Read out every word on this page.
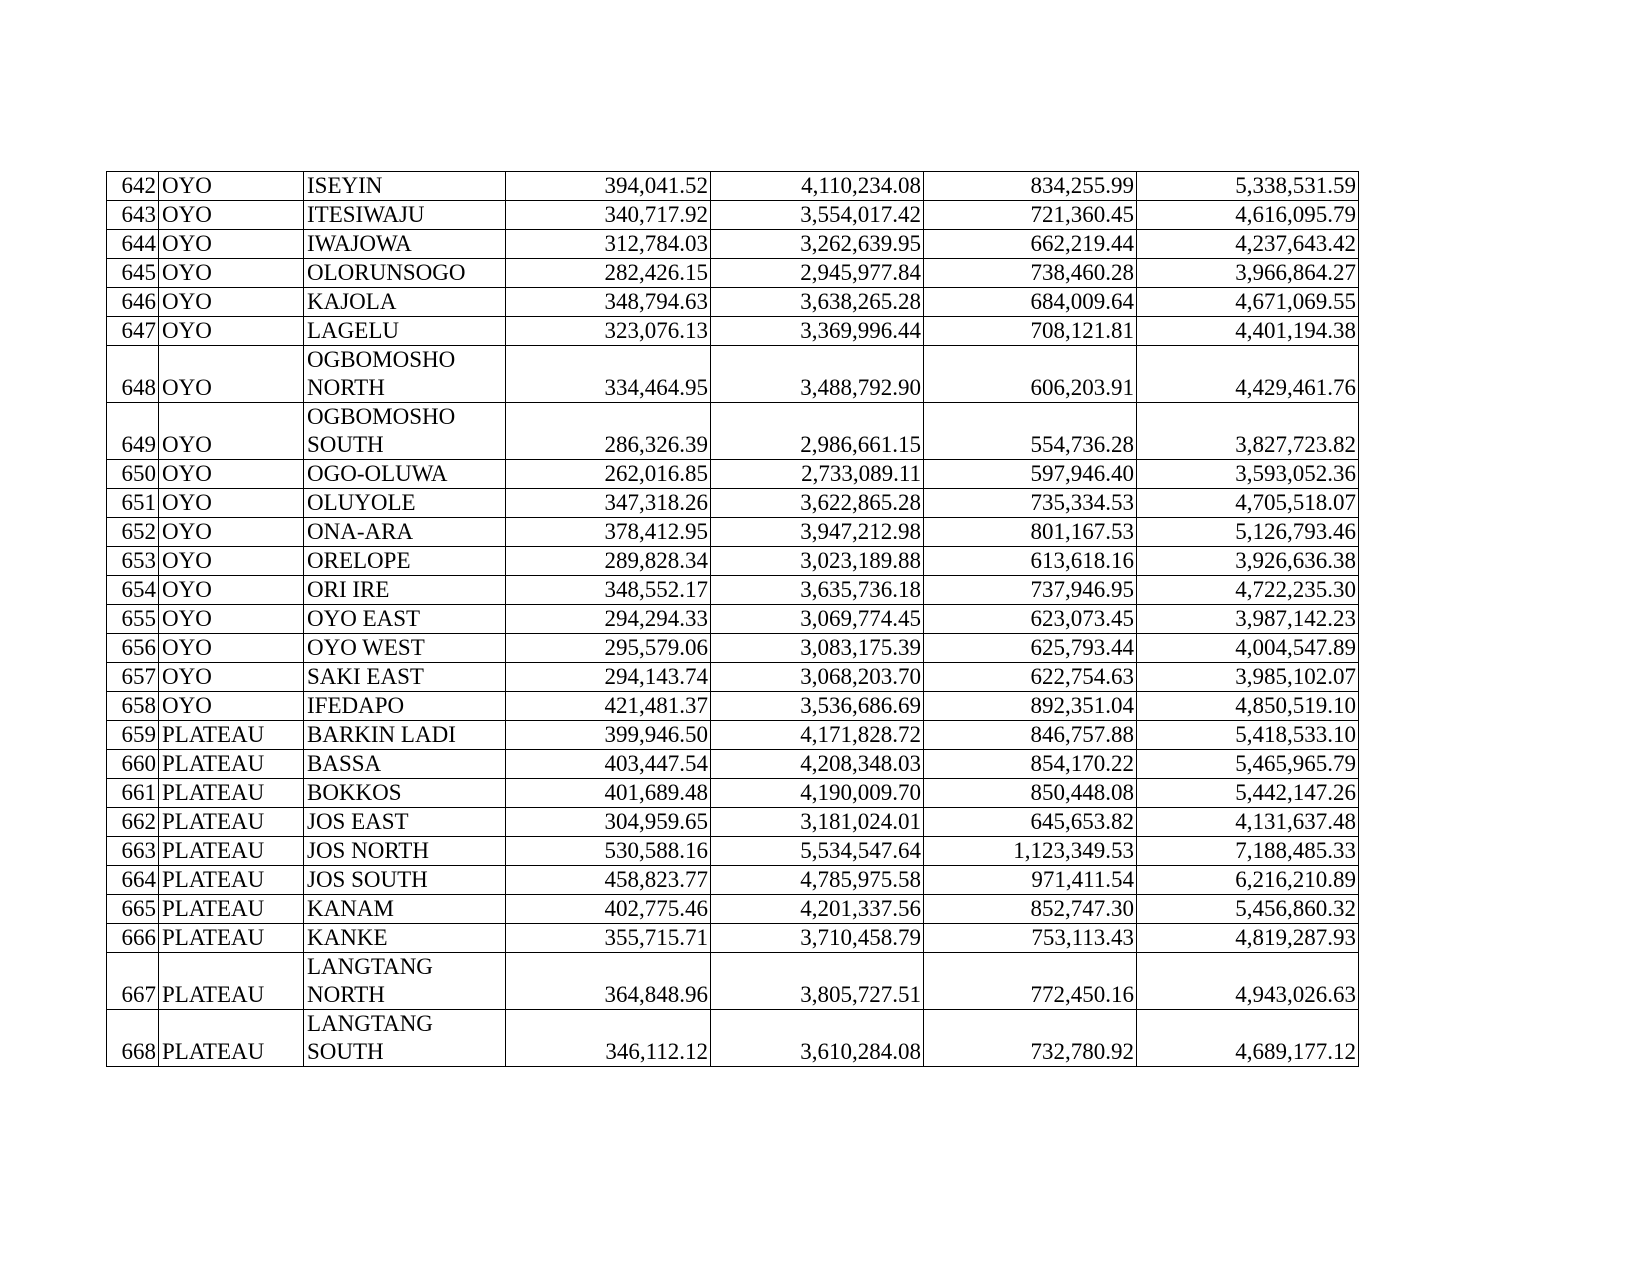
642	OYO	ISEYIN	394,041.52	4,110,234.08	834,255.99	5,338,531.59
643	OYO	ITESIWAJU	340,717.92	3,554,017.42	721,360.45	4,616,095.79
644	OYO	IWAJOWA	312,784.03	3,262,639.95	662,219.44	4,237,643.42
645	OYO	OLORUNSOGO	282,426.15	2,945,977.84	738,460.28	3,966,864.27
646	OYO	KAJOLA	348,794.63	3,638,265.28	684,009.64	4,671,069.55
647	OYO	LAGELU	323,076.13	3,369,996.44	708,121.81	4,401,194.38
648	OYO	OGBOMOSHO NORTH	334,464.95	3,488,792.90	606,203.91	4,429,461.76
649	OYO	OGBOMOSHO SOUTH	286,326.39	2,986,661.15	554,736.28	3,827,723.82
650	OYO	OGO-OLUWA	262,016.85	2,733,089.11	597,946.40	3,593,052.36
651	OYO	OLUYOLE	347,318.26	3,622,865.28	735,334.53	4,705,518.07
652	OYO	ONA-ARA	378,412.95	3,947,212.98	801,167.53	5,126,793.46
653	OYO	ORELOPE	289,828.34	3,023,189.88	613,618.16	3,926,636.38
654	OYO	ORI IRE	348,552.17	3,635,736.18	737,946.95	4,722,235.30
655	OYO	OYO EAST	294,294.33	3,069,774.45	623,073.45	3,987,142.23
656	OYO	OYO WEST	295,579.06	3,083,175.39	625,793.44	4,004,547.89
657	OYO	SAKI EAST	294,143.74	3,068,203.70	622,754.63	3,985,102.07
658	OYO	IFEDAPO	421,481.37	3,536,686.69	892,351.04	4,850,519.10
659	PLATEAU	BARKIN LADI	399,946.50	4,171,828.72	846,757.88	5,418,533.10
660	PLATEAU	BASSA	403,447.54	4,208,348.03	854,170.22	5,465,965.79
661	PLATEAU	BOKKOS	401,689.48	4,190,009.70	850,448.08	5,442,147.26
662	PLATEAU	JOS EAST	304,959.65	3,181,024.01	645,653.82	4,131,637.48
663	PLATEAU	JOS NORTH	530,588.16	5,534,547.64	1,123,349.53	7,188,485.33
664	PLATEAU	JOS SOUTH	458,823.77	4,785,975.58	971,411.54	6,216,210.89
665	PLATEAU	KANAM	402,775.46	4,201,337.56	852,747.30	5,456,860.32
666	PLATEAU	KANKE	355,715.71	3,710,458.79	753,113.43	4,819,287.93
667	PLATEAU	LANGTANG NORTH	364,848.96	3,805,727.51	772,450.16	4,943,026.63
668	PLATEAU	LANGTANG SOUTH	346,112.12	3,610,284.08	732,780.92	4,689,177.12
